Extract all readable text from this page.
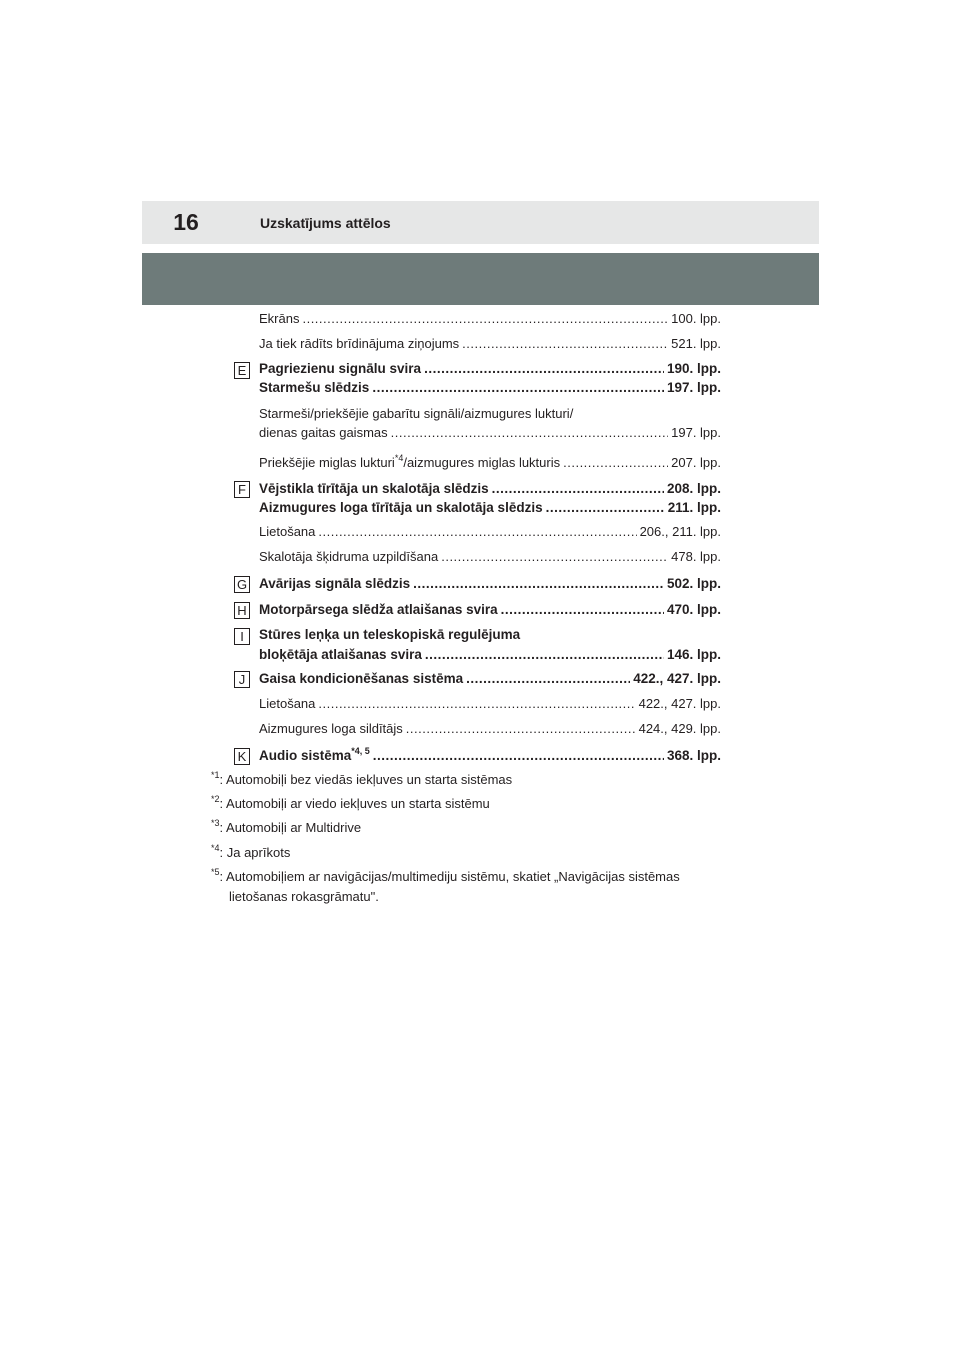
16	Uzskatījums attēlos
Ekrāns .....	100. lpp.
Ja tiek rādīts brīdinājuma ziņojums .....	521. lpp.
E Pagriezienu signālu svira .....	190. lpp.
Starmešu slēdzis .....	197. lpp.
Starmeši/priekšējie gabarītu signāli/aizmugures lukturi/
dienas gaitas gaismas .....	197. lpp.
Priekšējie miglas lukturi$^{*4}$/aizmugures miglas lukturis .....	207. lpp.
F Vējstikla tīrītāja un skalotāja slēdzis .....	208. lpp.
Aizmugures loga tīrītāja un skalotāja slēdzis .....	211. lpp.
Lietošana .....	206., 211. lpp.
Skalotāja šķidruma uzpildīšana .....	478. lpp.
G Avārijas signāla slēdzis .....	502. lpp.
H Motorpārsega slēdža atlaišanas svira .....	470. lpp.
I	Stūres leņķa un teleskopiskā regulējuma
bloķētāja atlaišanas svira .....	146. lpp.
J	Gaisa kondicionēšanas sistēma .....	422., 427. lpp.
Lietošana .....	422., 427. lpp.
Aizmugures loga sildītājs .....	424., 429. lpp.
K Audio sistēma$^{*4, 5}$ .....	368. lpp.
$^{*1}$: Automobiļi bez viedās iekļuves un starta sistēmas
$^{*2}$: Automobiļi ar viedo iekļuves un starta sistēmu
$^{*3}$: Automobiļi ar Multidrive
$^{*4}$: Ja aprīkots
$^{*5}$: Automobiļiem ar navigācijas/multimediju sistēmu, skatiet „Navigācijas sistēmas
lietošanas rokasgrāmatu".
